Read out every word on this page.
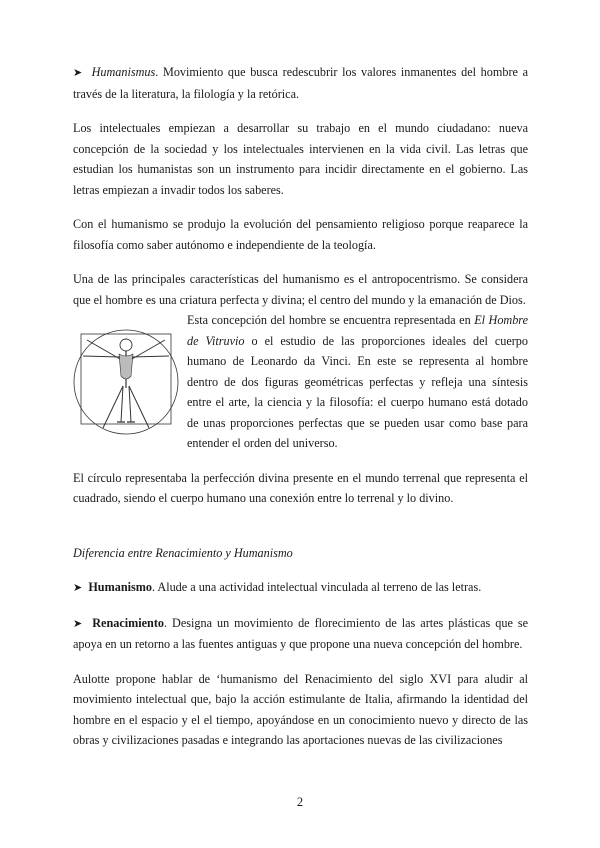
➤ Humanismus. Movimiento que busca redescubrir los valores inmanentes del hombre a través de la literatura, la filología y la retórica.

Los intelectuales empiezan a desarrollar su trabajo en el mundo ciudadano: nueva concepción de la sociedad y los intelectuales intervienen en la vida civil. Las letras que estudian los humanistas son un instrumento para incidir directamente en el gobierno. Las letras empiezan a invadir todos los saberes.

Con el humanismo se produjo la evolución del pensamiento religioso porque reaparece la filosofía como saber autónomo e independiente de la teología.

Una de las principales características del humanismo es el antropocentrismo. Se considera que el hombre es una criatura perfecta y divina; el centro del mundo y la emanación de Dios.

Esta concepción del hombre se encuentra representada en El Hombre de Vitruvio o el estudio de las proporciones ideales del cuerpo humano de Leonardo da Vinci. En este se representa al hombre dentro de dos figuras geométricas perfectas y refleja una síntesis entre el arte, la ciencia y la filosofía: el cuerpo humano está dotado de unas proporciones perfectas que se pueden usar como base para entender el orden del universo.

El círculo representaba la perfección divina presente en el mundo terrenal que representa el cuadrado, siendo el cuerpo humano una conexión entre lo terrenal y lo divino.

Diferencia entre Renacimiento y Humanismo

➤ Humanismo. Alude a una actividad intelectual vinculada al terreno de las letras.

➤ Renacimiento. Designa un movimiento de florecimiento de las artes plásticas que se apoya en un retorno a las fuentes antiguas y que propone una nueva concepción del hombre.

Aulotte propone hablar de ‘humanismo del Renacimiento del siglo XVI para aludir al movimiento intelectual que, bajo la acción estimulante de Italia, afirmando la identidad del hombre en el espacio y el el tiempo, apoyándose en un conocimiento nuevo y directo de las obras y civilizaciones pasadas e integrando las aportaciones nuevas de las civilizaciones

2
